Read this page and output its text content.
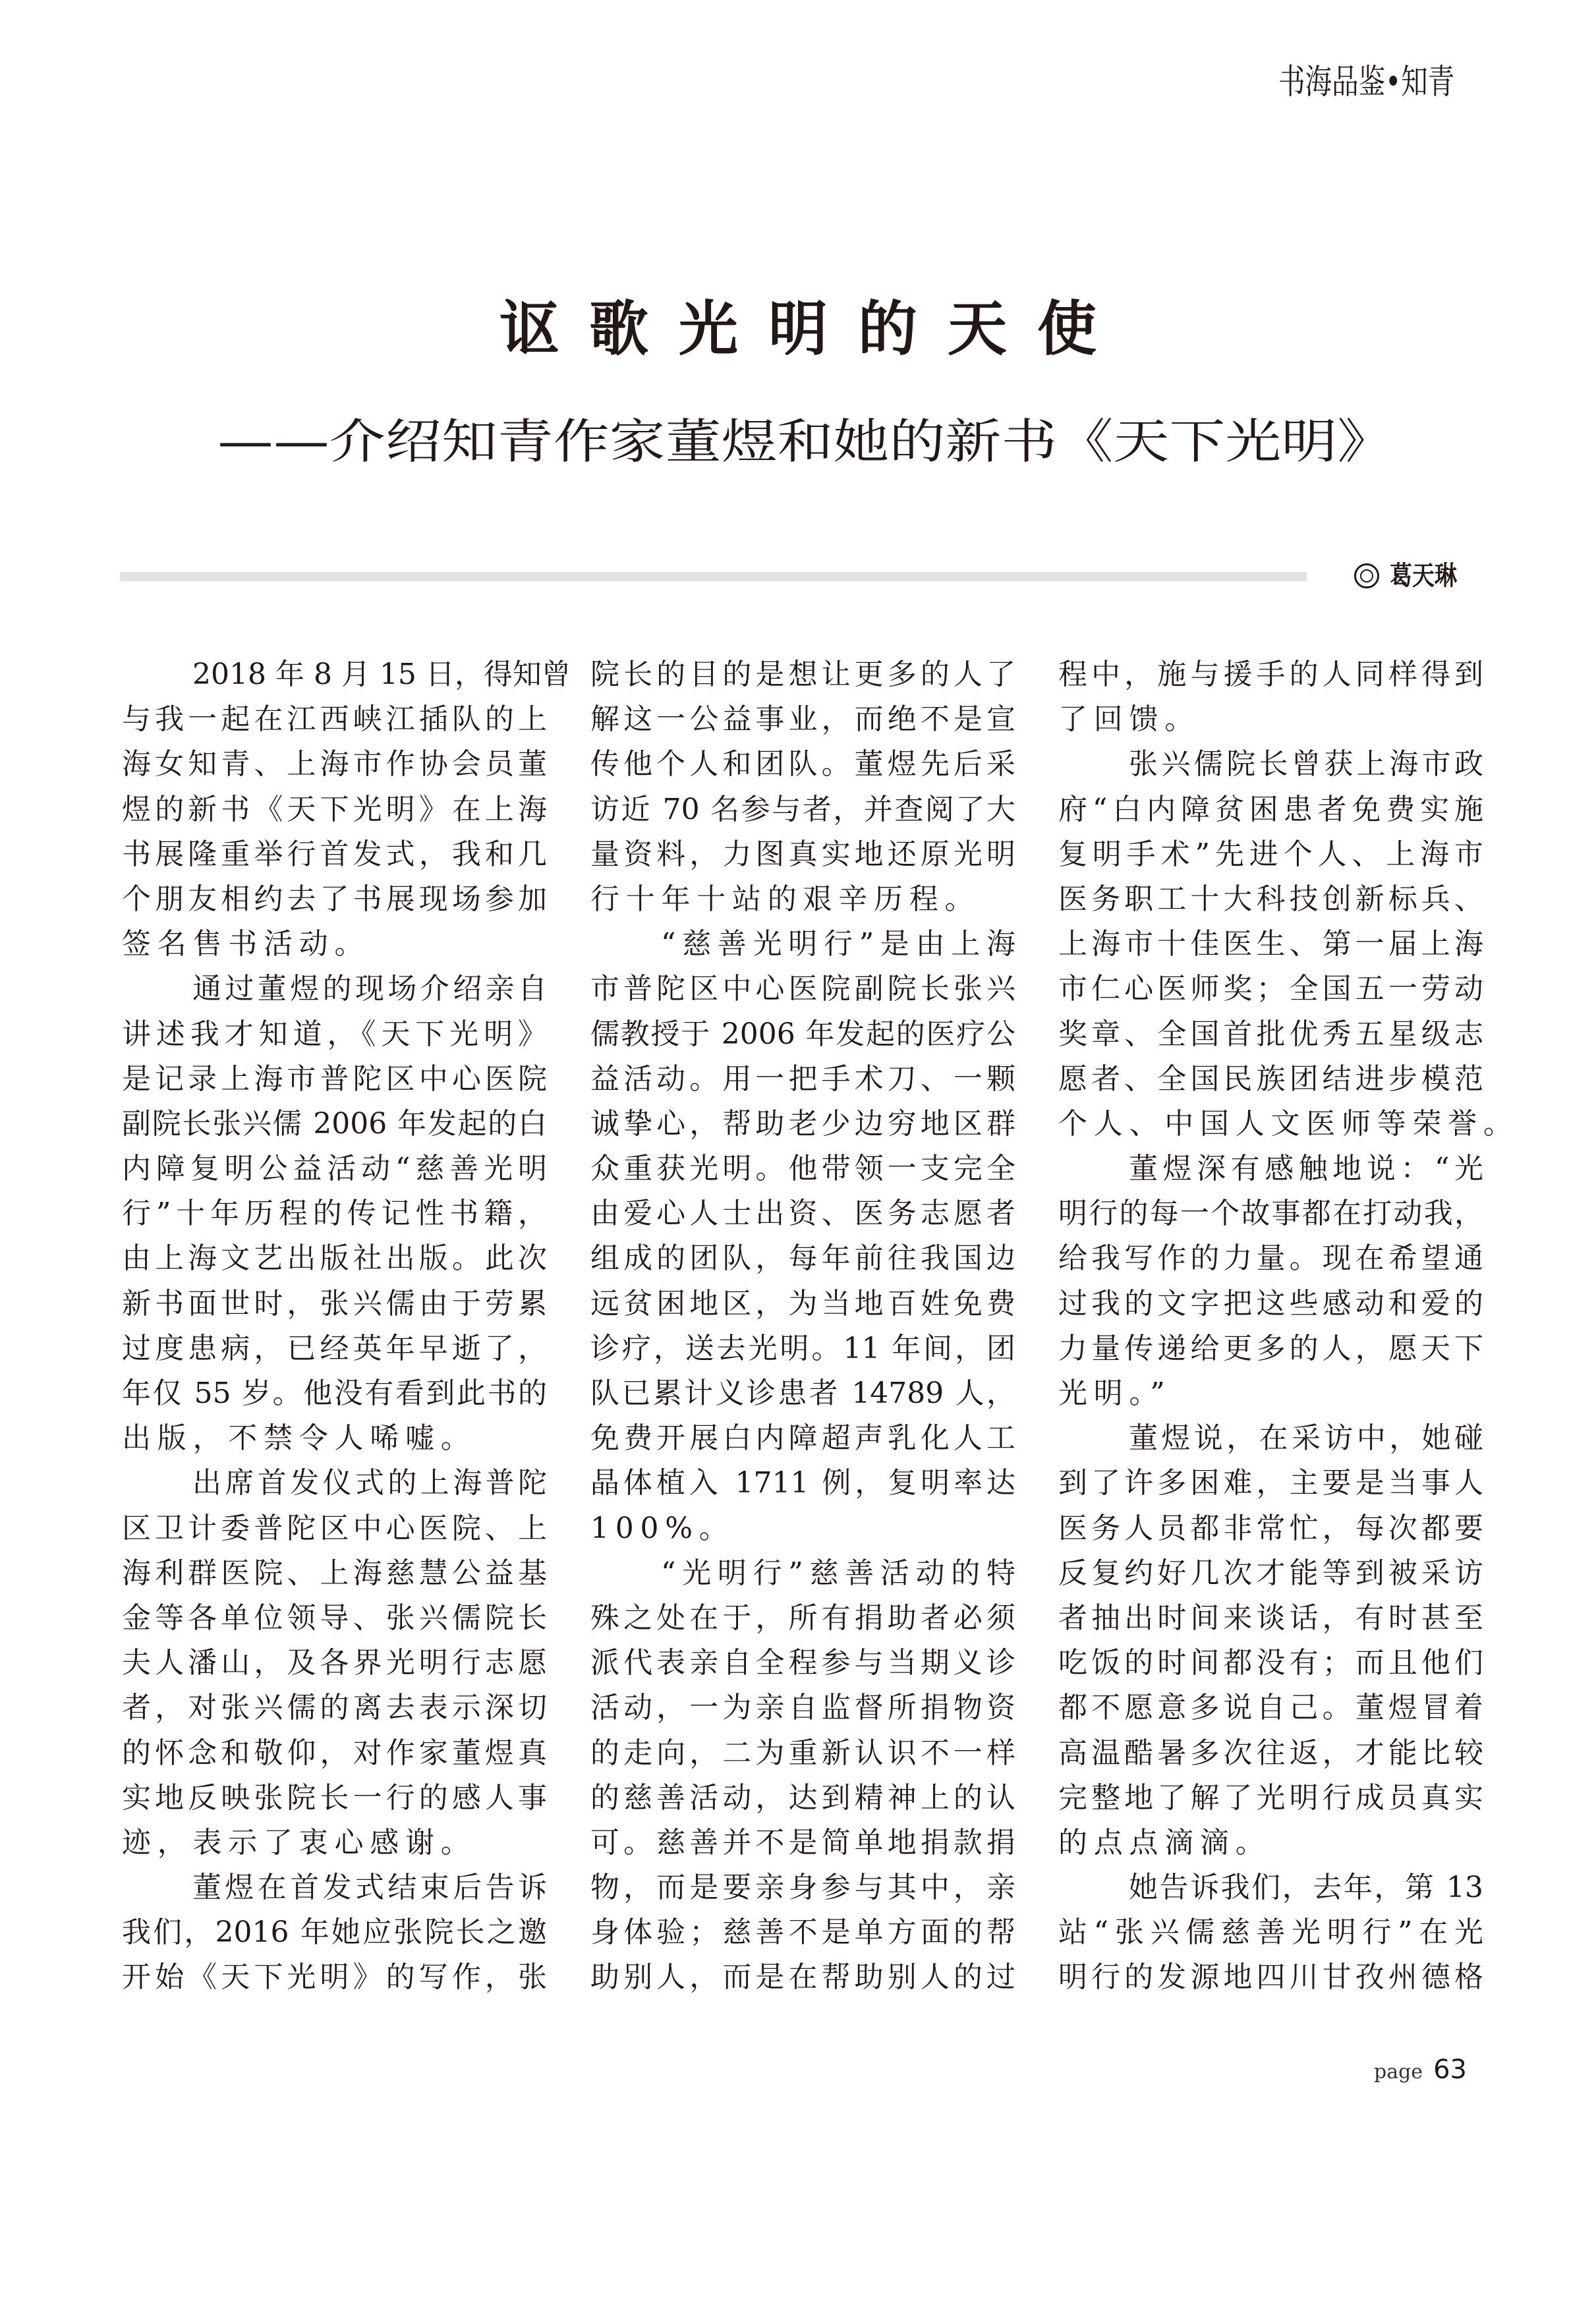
书海品鉴•知青
讴歌光明的天使
——介绍知青作家董煜和她的新书《天下光明》
葛天琳
2018 年 8 月 15 日，得知曾
与我一起在江西峡江插队的上
海女知青、上海市作协会员董
煜的新书《天下光明》在上海
书展隆重举行首发式，我和几
个朋友相约去了书展现场参加
签名售书活动。
通过董煜的现场介绍亲自
讲述我才知道，《天下光明》
是记录上海市普陀区中心医院
副院长张兴儒 2006 年发起的白
内障复明公益活动“慈善光明
行”十年历程的传记性书籍，
由上海文艺出版社出版。此次
新书面世时，张兴儒由于劳累
过度患病，已经英年早逝了，
年仅 55 岁。他没有看到此书的
出版，不禁令人唏嘘。
出席首发仪式的上海普陀
区卫计委普陀区中心医院、上
海利群医院、上海慈慧公益基
金等各单位领导、张兴儒院长
夫人潘山，及各界光明行志愿
者，对张兴儒的离去表示深切
的怀念和敬仰，对作家董煜真
实地反映张院长一行的感人事
迹，表示了衷心感谢。
董煜在首发式结束后告诉
我们，2016 年她应张院长之邀
开始《天下光明》的写作，张
院长的目的是想让更多的人了
解这一公益事业，而绝不是宣
传他个人和团队。董煜先后采
访近 70 名参与者，并查阅了大
量资料，力图真实地还原光明
行十年十站的艰辛历程。
“慈善光明行”是由上海
市普陀区中心医院副院长张兴
儒教授于 2006 年发起的医疗公
益活动。用一把手术刀、一颗
诚挚心，帮助老少边穷地区群
众重获光明。他带领一支完全
由爱心人士出资、医务志愿者
组成的团队，每年前往我国边
远贫困地区，为当地百姓免费
诊疗，送去光明。11 年间，团
队已累计义诊患者 14789 人，
免费开展白内障超声乳化人工
晶体植入 1711 例，复明率达
100%。
“光明行”慈善活动的特
殊之处在于，所有捐助者必须
派代表亲自全程参与当期义诊
活动，一为亲自监督所捐物资
的走向，二为重新认识不一样
的慈善活动，达到精神上的认
可。慈善并不是简单地捐款捐
物，而是要亲身参与其中，亲
身体验；慈善不是单方面的帮
助别人，而是在帮助别人的过
程中，施与援手的人同样得到
了回馈。
张兴儒院长曾获上海市政
府“白内障贫困患者免费实施
复明手术”先进个人、上海市
医务职工十大科技创新标兵、
上海市十佳医生、第一届上海
市仁心医师奖；全国五一劳动
奖章、全国首批优秀五星级志
愿者、全国民族团结进步模范
个人、中国人文医师等荣誉。
董煜深有感触地说：“光
明行的每一个故事都在打动我，
给我写作的力量。现在希望通
过我的文字把这些感动和爱的
力量传递给更多的人，愿天下
光明。”
董煜说，在采访中，她碰
到了许多困难，主要是当事人
医务人员都非常忙，每次都要
反复约好几次才能等到被采访
者抽出时间来谈话，有时甚至
吃饭的时间都没有；而且他们
都不愿意多说自己。董煜冒着
高温酷暑多次往返，才能比较
完整地了解了光明行成员真实
的点点滴滴。
她告诉我们，去年，第 13
站“张兴儒慈善光明行”在光
明行的发源地四川甘孜州德格
page 63
